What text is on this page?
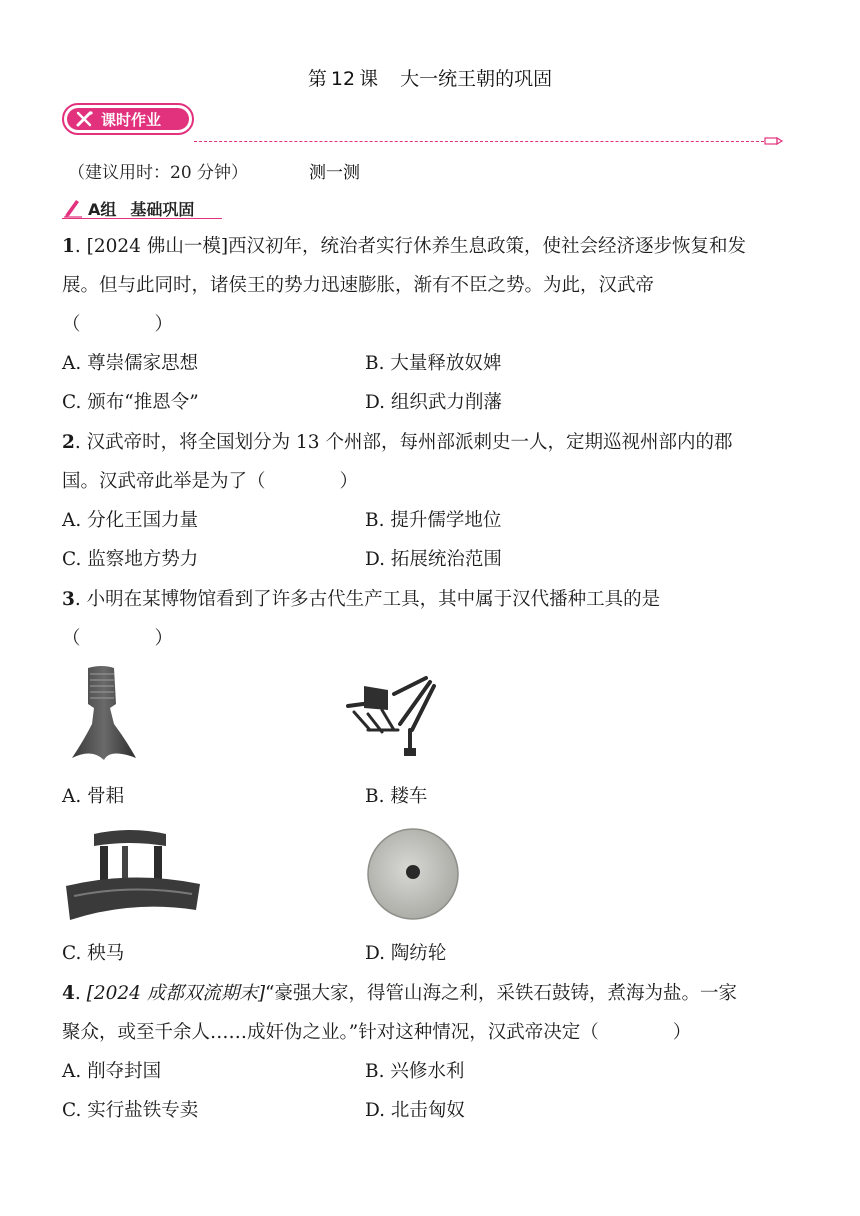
第 12 课 大一统王朝的巩固
课时作业
（建议用时：20 分钟）	测一测
A组 基础巩固
1. [2024 佛山一模]西汉初年，统治者实行休养生息政策，使社会经济逐步恢复和发
展。但与此同时，诸侯王的势力迅速膨胀，渐有不臣之势。为此，汉武帝
（　　　　）
A. 尊崇儒家思想	B. 大量释放奴婢
C. 颁布“推恩令”	D. 组织武力削藩
2. 汉武帝时，将全国划分为 13 个州部，每州部派刺史一人，定期巡视州部内的郡
国。汉武帝此举是为了（　　　　）
A. 分化王国力量	B. 提升儒学地位
C. 监察地方势力	D. 拓展统治范围
3. 小明在某博物馆看到了许多古代生产工具，其中属于汉代播种工具的是
（　　　　）
A. 骨耜	B. 耧车
C. 秧马	D. 陶纺轮
4. [2024 成都双流期末]“豪强大家，得管山海之利，采铁石鼓铸，煮海为盐。一家
聚众，或至千余人……成奸伪之业。”针对这种情况，汉武帝决定（　　　　）
A. 削夺封国	B. 兴修水利
C. 实行盐铁专卖	D. 北击匈奴
